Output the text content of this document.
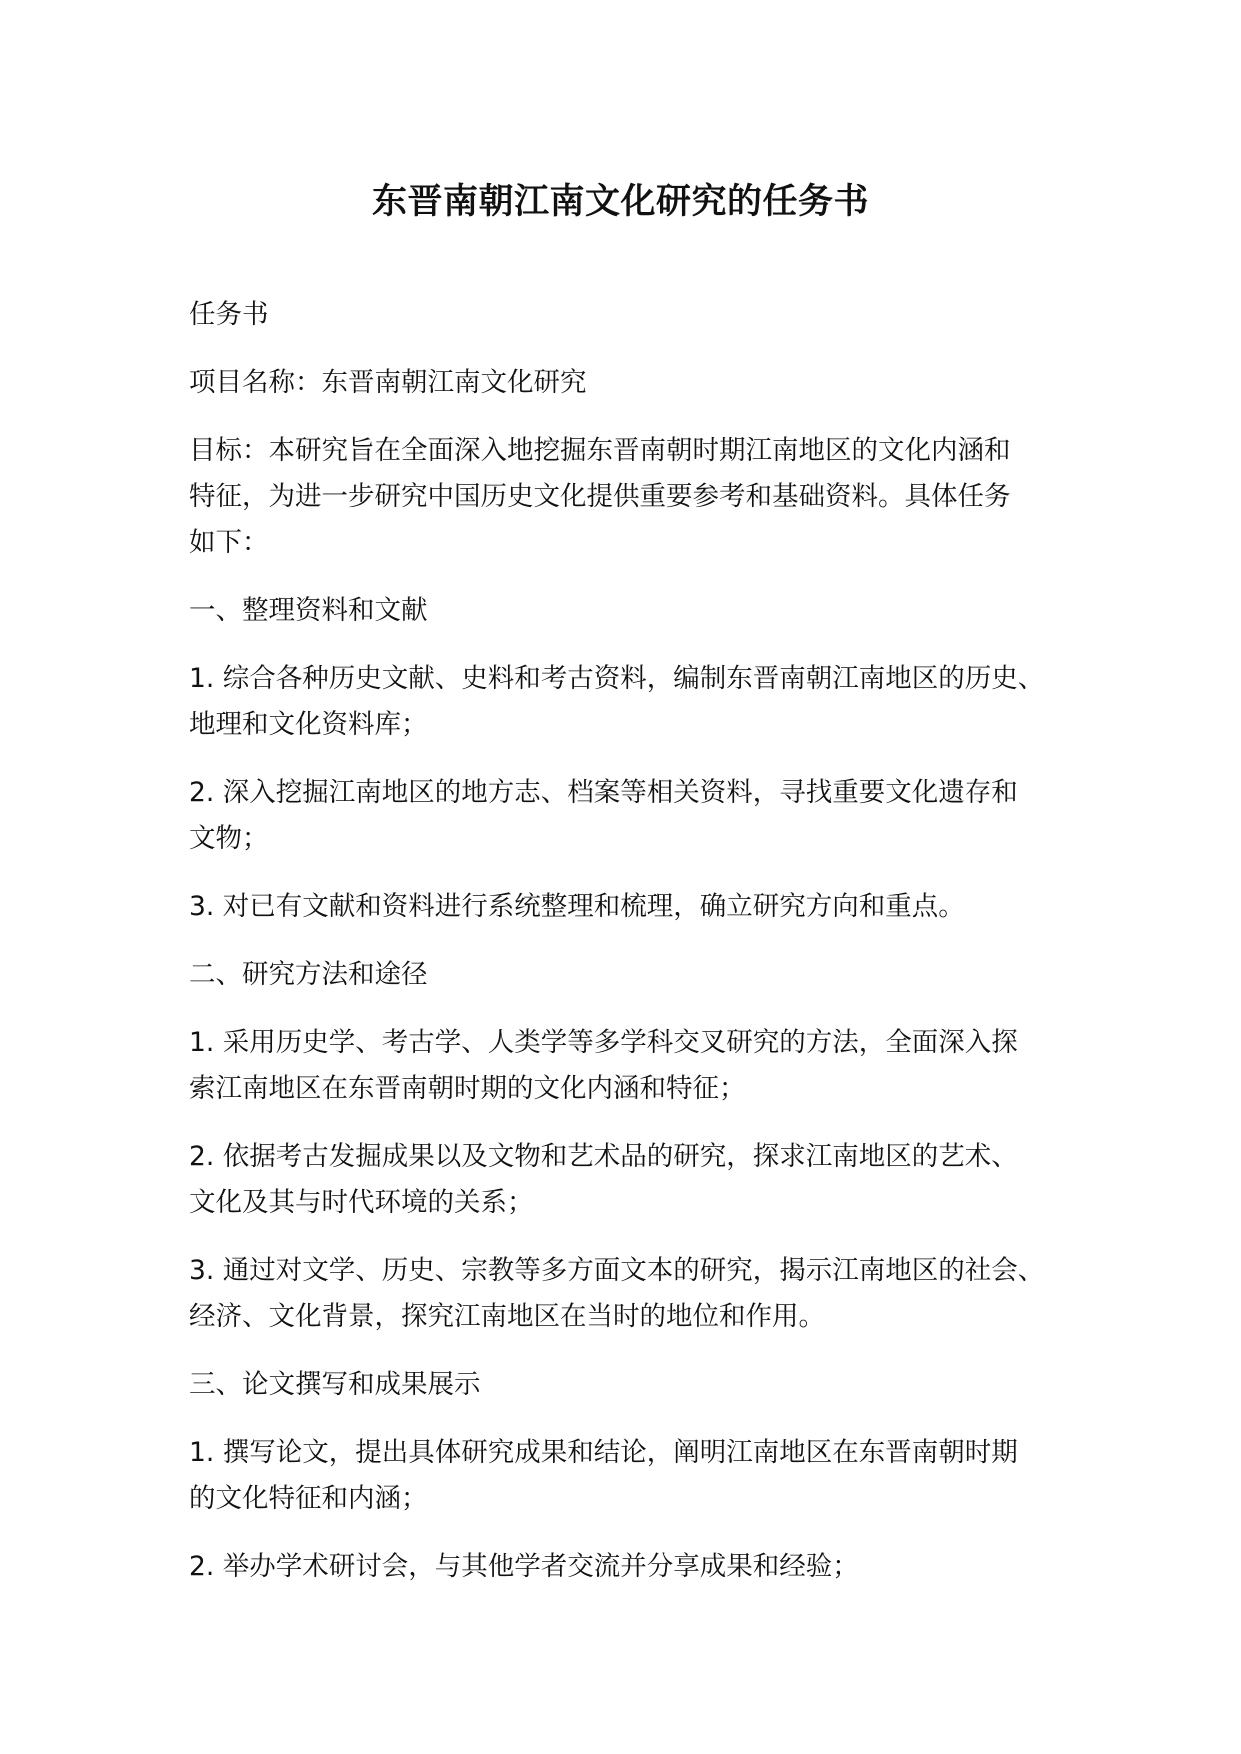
东晋南朝江南文化研究的任务书

任务书

项目名称：东晋南朝江南文化研究

目标：本研究旨在全面深入地挖掘东晋南朝时期江南地区的文化内涵和
特征，为进一步研究中国历史文化提供重要参考和基础资料。具体任务
如下：

一、整理资料和文献

1. 综合各种历史文献、史料和考古资料，编制东晋南朝江南地区的历史、
地理和文化资料库；

2. 深入挖掘江南地区的地方志、档案等相关资料，寻找重要文化遗存和
文物；

3. 对已有文献和资料进行系统整理和梳理，确立研究方向和重点。

二、研究方法和途径

1. 采用历史学、考古学、人类学等多学科交叉研究的方法，全面深入探
索江南地区在东晋南朝时期的文化内涵和特征；

2. 依据考古发掘成果以及文物和艺术品的研究，探求江南地区的艺术、
文化及其与时代环境的关系；

3. 通过对文学、历史、宗教等多方面文本的研究，揭示江南地区的社会、
经济、文化背景，探究江南地区在当时的地位和作用。

三、论文撰写和成果展示

1. 撰写论文，提出具体研究成果和结论，阐明江南地区在东晋南朝时期
的文化特征和内涵；

2. 举办学术研讨会，与其他学者交流并分享成果和经验；
